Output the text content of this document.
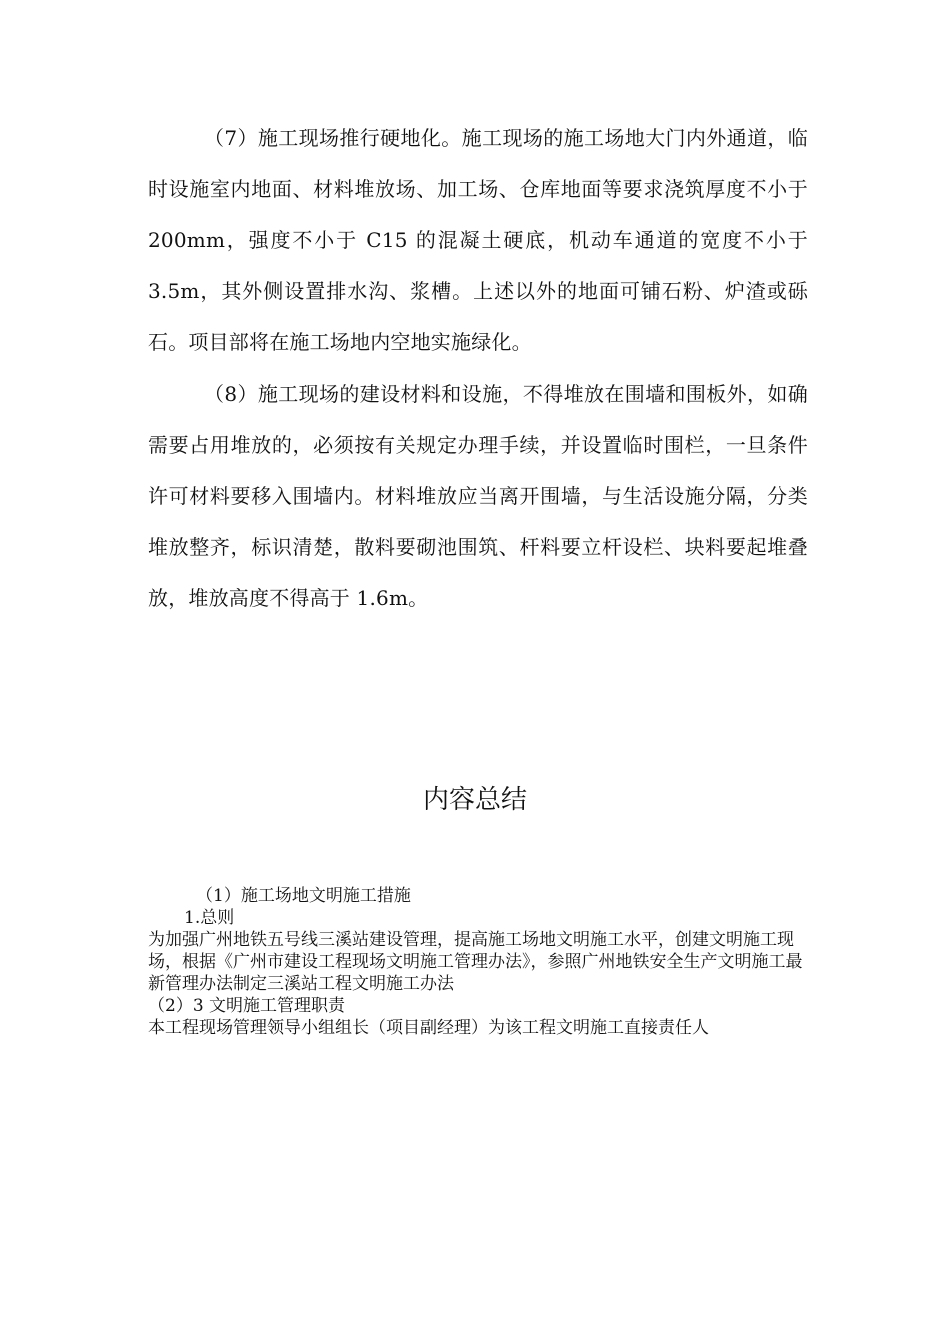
（7）施工现场推行硬地化。施工现场的施工场地大门内外通道，临时设施室内地面、材料堆放场、加工场、仓库地面等要求浇筑厚度不小于 200mm，强度不小于 C15 的混凝土硬底，机动车通道的宽度不小于 3.5m，其外侧设置排水沟、浆槽。上述以外的地面可铺石粉、炉渣或砾石。项目部将在施工场地内空地实施绿化。

（8）施工现场的建设材料和设施，不得堆放在围墙和围板外，如确需要占用堆放的，必须按有关规定办理手续，并设置临时围栏，一旦条件许可材料要移入围墙内。材料堆放应当离开围墙，与生活设施分隔，分类堆放整齐，标识清楚，散料要砌池围筑、杆料要立杆设栏、块料要起堆叠放，堆放高度不得高于 1.6m。

内容总结
（1）施工场地文明施工措施
1.总则
为加强广州地铁五号线三溪站建设管理，提高施工场地文明施工水平，创建文明施工现场，根据《广州市建设工程现场文明施工管理办法》，参照广州地铁安全生产文明施工最新管理办法制定三溪站工程文明施工办法
（2）3 文明施工管理职责
本工程现场管理领导小组组长（项目副经理）为该工程文明施工直接责任人
